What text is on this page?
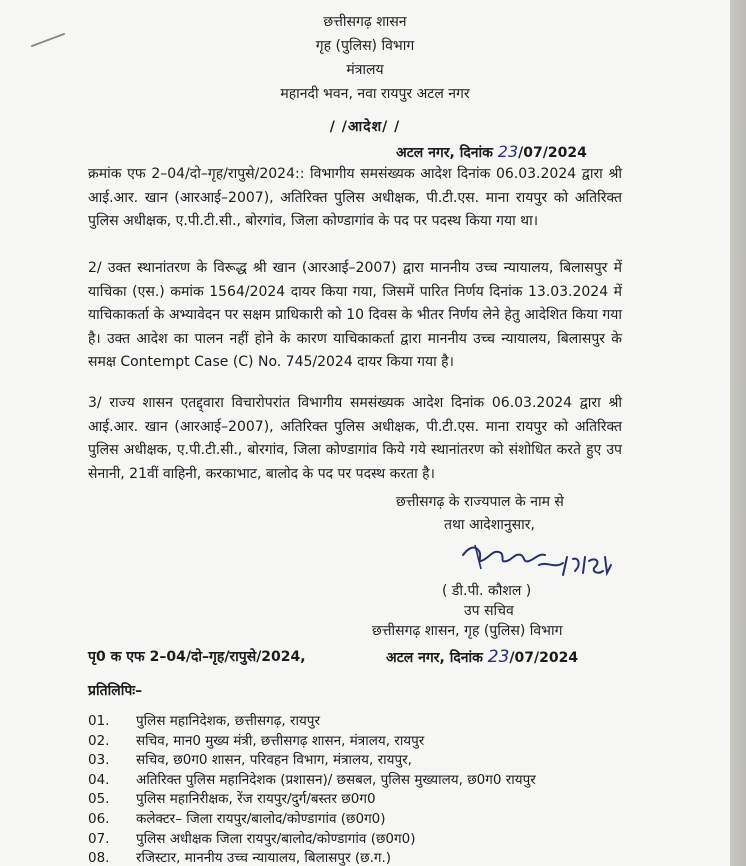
छत्तीसगढ़ शासन
गृह (पुलिस) विभाग
मंत्रालय
महानदी भवन, नवा रायपुर अटल नगर
/ /आदेश/ /
अटल नगर, दिनांक 23/07/2024
क्रमांक एफ 2–04/दो–गृह/रापुसे/2024:: विभागीय समसंख्यक आदेश दिनांक 06.03.2024 द्वारा श्री आई.आर. खान (आरआई–2007), अतिरिक्त पुलिस अधीक्षक, पी.टी.एस. माना रायपुर को अतिरिक्त पुलिस अधीक्षक, ए.पी.टी.सी., बोरगांव, जिला कोण्डागांव के पद पर पदस्थ किया गया था।
2/ उक्त स्थानांतरण के विरूद्ध श्री खान (आरआई–2007) द्वारा माननीय उच्च न्यायालय, बिलासपुर में याचिका (एस.) कमांक 1564/2024 दायर किया गया, जिसमें पारित निर्णय दिनांक 13.03.2024 में याचिकाकर्ता के अभ्यावेदन पर सक्षम प्राधिकारी को 10 दिवस के भीतर निर्णय लेने हेतु आदेशित किया गया है। उक्त आदेश का पालन नहीं होने के कारण याचिकाकर्ता द्वारा माननीय उच्च न्यायालय, बिलासपुर के समक्ष Contempt Case (C) No. 745/2024 दायर किया गया है।
3/ राज्य शासन एतद्द्वारा विचारोपरांत विभागीय समसंख्यक आदेश दिनांक 06.03.2024 द्वारा श्री आई.आर. खान (आरआई–2007), अतिरिक्त पुलिस अधीक्षक, पी.टी.एस. माना रायपुर को अतिरिक्त पुलिस अधीक्षक, ए.पी.टी.सी., बोरगांव, जिला कोण्डागांव किये गये स्थानांतरण को संशोधित करते हुए उप सेनानी, 21वीं वाहिनी, करकाभाट, बालोद के पद पर पदस्थ करता है।
छत्तीसगढ़ के राज्यपाल के नाम से
तथा आदेशानुसार,
( डी.पी. कौशल )
उप सचिव
छत्तीसगढ़ शासन, गृह (पुलिस) विभाग
पृ0 क एफ 2–04/दो–गृह/रापुसे/2024,	अटल नगर, दिनांक 23/07/2024
प्रतिलिपिः–
01. पुलिस महानिदेशक, छत्तीसगढ़, रायपुर
02. सचिव, मान0 मुख्य मंत्री, छत्तीसगढ़ शासन, मंत्रालय, रायपुर
03. सचिव, छ0ग0 शासन, परिवहन विभाग, मंत्रालय, रायपुर,
04. अतिरिक्त पुलिस महानिदेशक (प्रशासन)/ छसबल, पुलिस मुख्यालय, छ0ग0 रायपुर
05. पुलिस महानिरीक्षक, रेंज रायपुर/दुर्ग/बस्तर छ0ग0
06. कलेक्टर– जिला रायपुर/बालोद/कोण्डागांव (छ0ग0)
07. पुलिस अधीक्षक जिला रायपुर/बालोद/कोण्डागांव (छ0ग0)
08. रजिस्टार, माननीय उच्च न्यायालय, बिलासपुर (छ.ग.)
